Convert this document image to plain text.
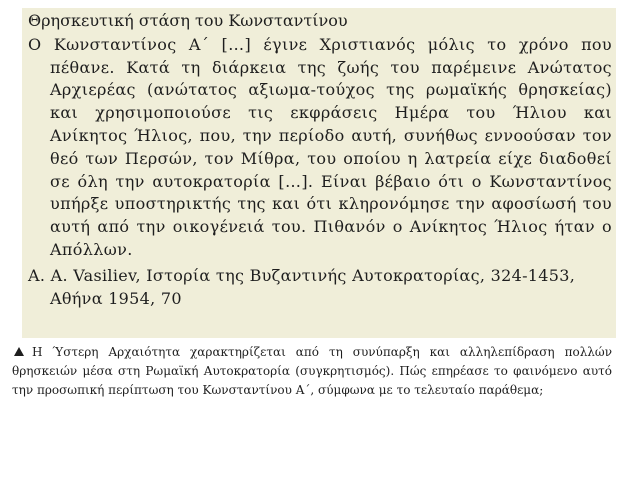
Θρησκευτική στάση του Κωνσταντίνου

Ο Κωνσταντίνος Α΄ […] έγινε Χριστιανός μόλις το χρόνο που πέθανε. Κατά τη διάρκεια της ζωής του παρέμεινε Ανώτατος Αρχιερέας (ανώτατος αξιωμα-τούχος της ρωμαϊκής θρησκείας) και χρησιμοποιούσε τις εκφράσεις Ημέρα του Ήλιου και Ανίκητος Ήλιος, που, την περίοδο αυτή, συνήθως εννοούσαν τον θεό των Περσών, τον Μίθρα, του οποίου η λατρεία είχε διαδοθεί σε όλη την αυτοκρατορία […]. Είναι βέβαιο ότι ο Κωνσταντίνος υπήρξε υποστηρικτής της και ότι κληρονόμησε την αφοσίωσή του αυτή από την οικογένειά του. Πιθανόν ο Ανίκητος Ήλιος ήταν ο Απόλλων.

A. A. Vasiliev, Ιστορία της Βυζαντινής Αυτοκρατορίας, 324-1453, Αθήνα 1954, 70

Η Ύστερη Αρχαιότητα χαρακτηρίζεται από τη συνύπαρξη και αλληλεπίδραση πολλών θρησκειών μέσα στη Ρωμαϊκή Αυτοκρατορία (συγκρητισμός). Πώς επηρέασε το φαινόμενο αυτό την προσωπική περίπτωση του Κωνσταντίνου Α΄, σύμφωνα με το τελευταίο παράθεμα;
